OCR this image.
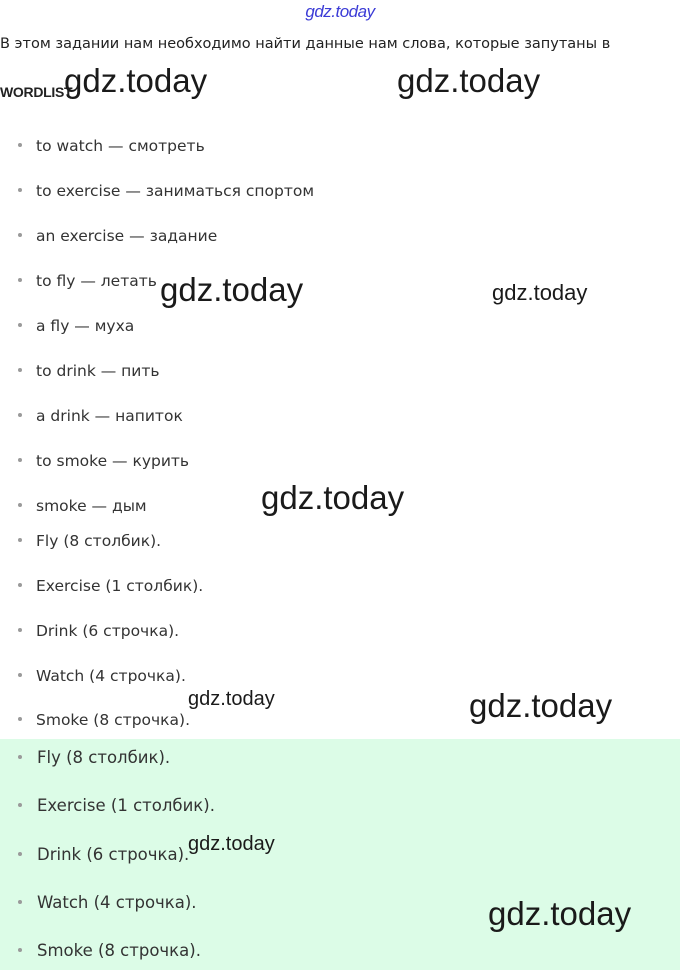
gdz.today
В этом задании нам необходимо найти данные нам слова, которые запутаны в
WORDLIST
to watch — смотреть
to exercise — заниматься спортом
an exercise — задание
to fly — летать
a fly — муха
to drink — пить
a drink — напиток
to smoke — курить
smoke — дым
Fly (8 столбик).
Exercise (1 столбик).
Drink (6 строчка).
Watch (4 строчка).
Smoke (8 строчка).
Fly (8 столбик).
Exercise (1 столбик).
Drink (6 строчка).
Watch (4 строчка).
Smoke (8 строчка).
gdz.today	gdz.today
gdz.today	gdz.today
gdz.today
gdz.today	gdz.today
gdz.today
gdz.today
